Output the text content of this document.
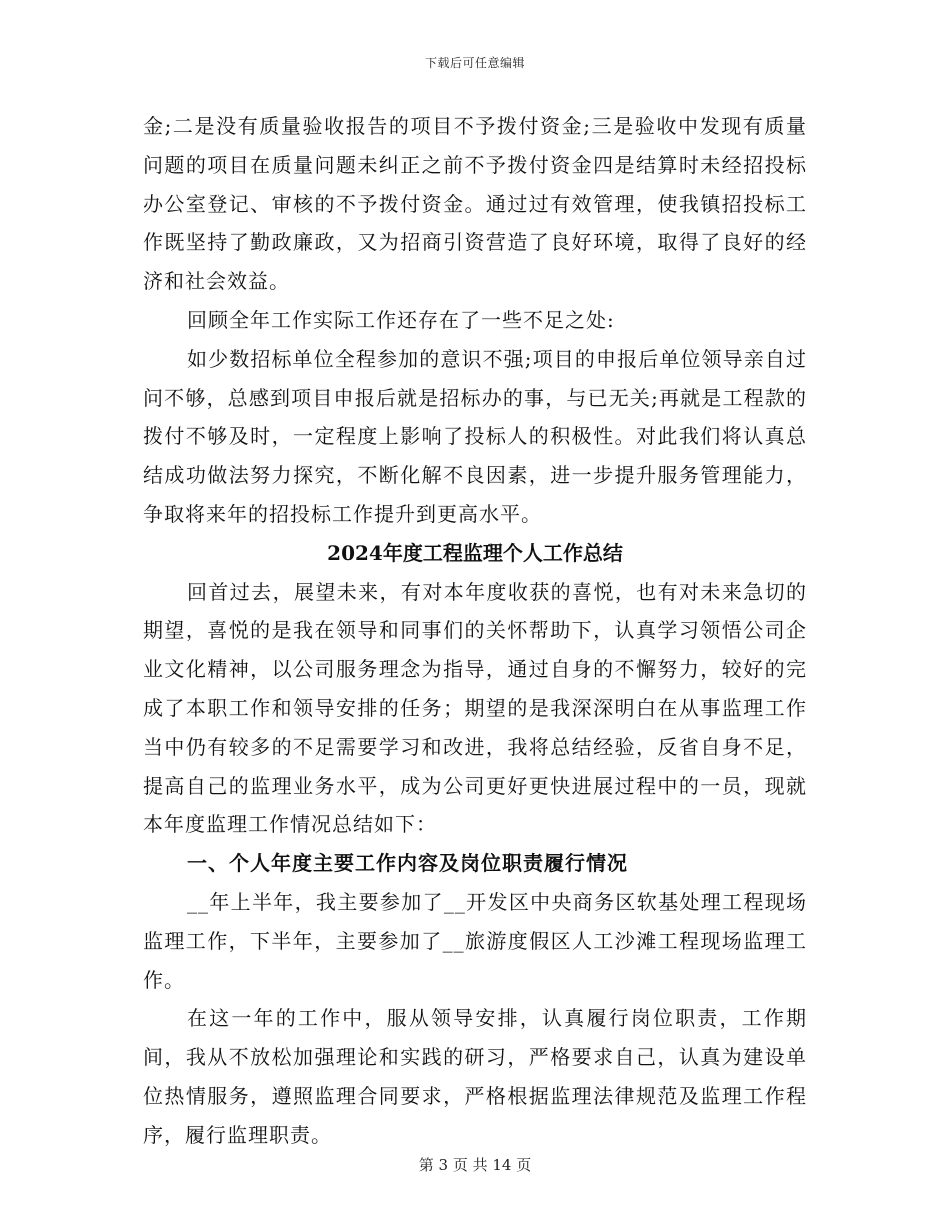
下载后可任意编辑

金;二是没有质量验收报告的项目不予拨付资金;三是验收中发现有质量问题的项目在质量问题未纠正之前不予拨付资金四是结算时未经招投标办公室登记、审核的不予拨付资金。通过过有效管理，使我镇招投标工作既坚持了勤政廉政，又为招商引资营造了良好环境，取得了良好的经济和社会效益。

回顾全年工作实际工作还存在了一些不足之处:

如少数招标单位全程参加的意识不强;项目的申报后单位领导亲自过问不够，总感到项目申报后就是招标办的事，与已无关;再就是工程款的拨付不够及时，一定程度上影响了投标人的积极性。对此我们将认真总结成功做法努力探究，不断化解不良因素，进一步提升服务管理能力，争取将来年的招投标工作提升到更高水平。

2024年度工程监理个人工作总结

回首过去，展望未来，有对本年度收获的喜悦，也有对未来急切的期望，喜悦的是我在领导和同事们的关怀帮助下，认真学习领悟公司企业文化精神，以公司服务理念为指导，通过自身的不懈努力，较好的完成了本职工作和领导安排的任务；期望的是我深深明白在从事监理工作当中仍有较多的不足需要学习和改进，我将总结经验，反省自身不足，提高自己的监理业务水平，成为公司更好更快进展过程中的一员，现就本年度监理工作情况总结如下：

一、个人年度主要工作内容及岗位职责履行情况

__年上半年，我主要参加了__开发区中央商务区软基处理工程现场监理工作，下半年，主要参加了__旅游度假区人工沙滩工程现场监理工作。

在这一年的工作中，服从领导安排，认真履行岗位职责，工作期间，我从不放松加强理论和实践的研习，严格要求自己，认真为建设单位热情服务，遵照监理合同要求，严格根据监理法律规范及监理工作程序，履行监理职责。

第 3 页 共 14 页
